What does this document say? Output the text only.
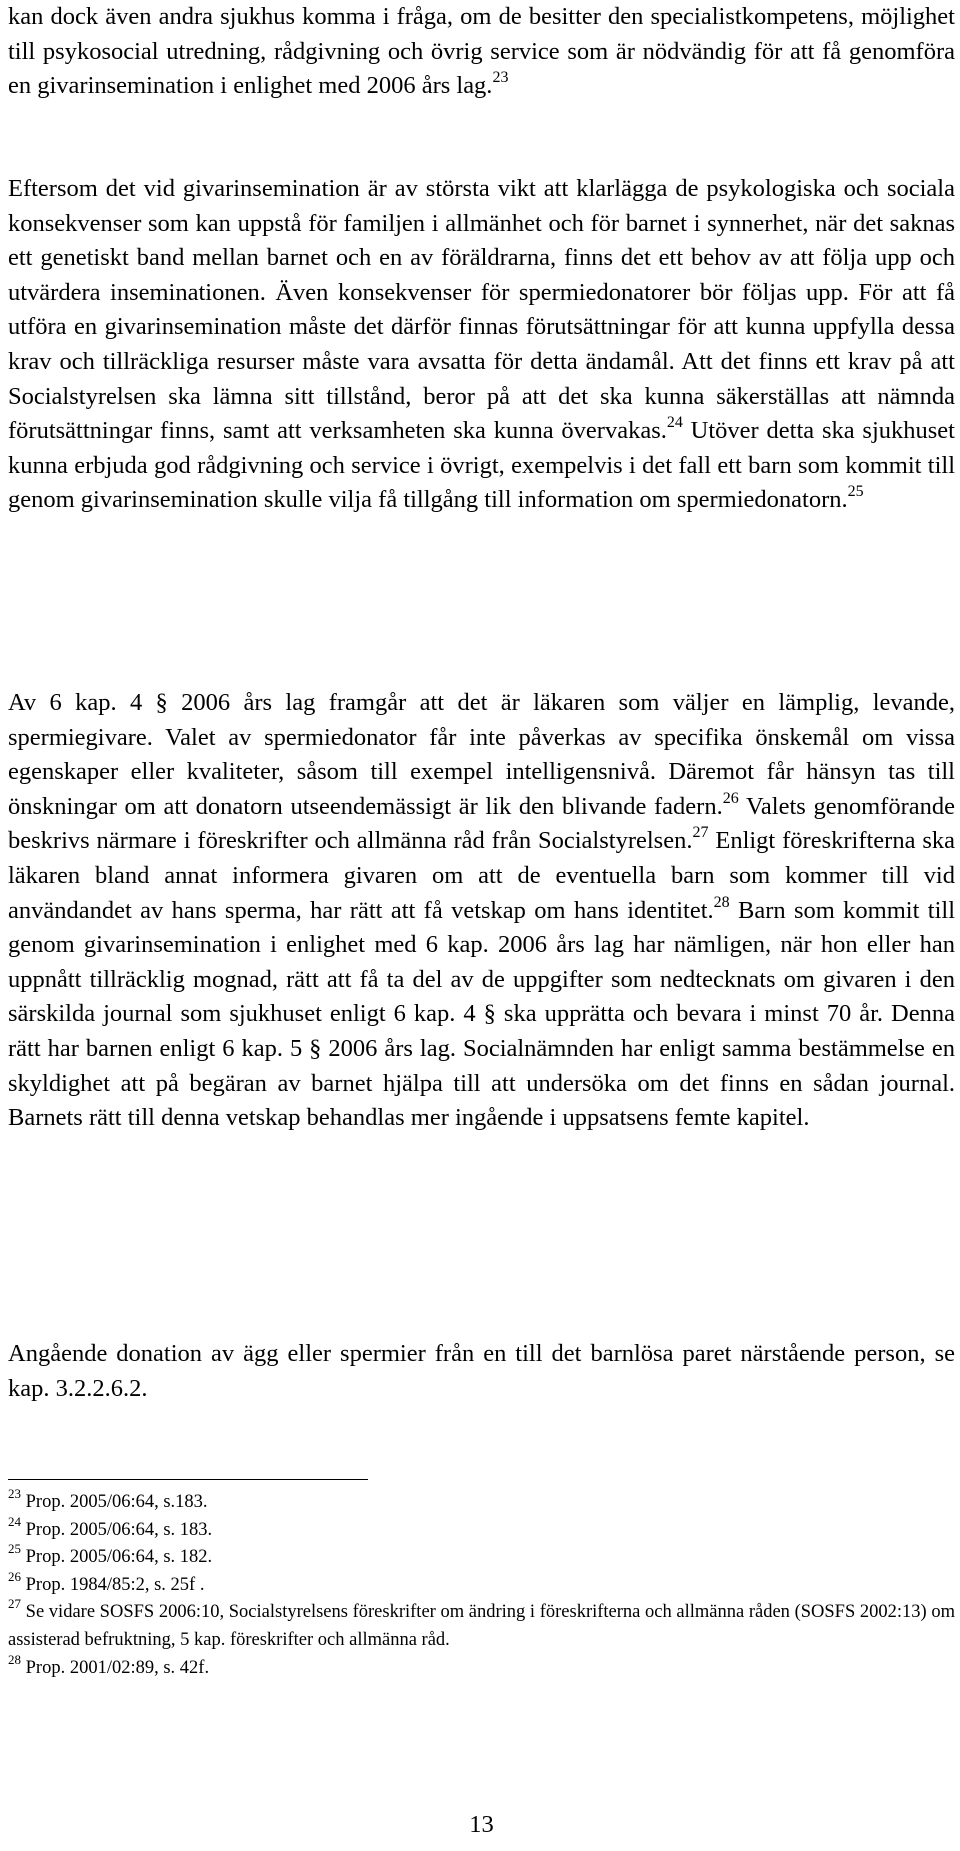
kan dock även andra sjukhus komma i fråga, om de besitter den specialistkompetens, möjlighet till psykosocial utredning, rådgivning och övrig service som är nödvändig för att få genomföra en givarinsemination i enlighet med 2006 års lag.$^{23}$

Eftersom det vid givarinsemination är av största vikt att klarlägga de psykologiska och sociala konsekvenser som kan uppstå för familjen i allmänhet och för barnet i synnerhet, när det saknas ett genetiskt band mellan barnet och en av föräldrarna, finns det ett behov av att följa upp och utvärdera inseminationen. Även konsekvenser för spermiedonatorer bör följas upp. För att få utföra en givarinsemination måste det därför finnas förutsättningar för att kunna uppfylla dessa krav och tillräckliga resurser måste vara avsatta för detta ändamål. Att det finns ett krav på att Socialstyrelsen ska lämna sitt tillstånd, beror på att det ska kunna säkerställas att nämnda förutsättningar finns, samt att verksamheten ska kunna övervakas.$^{24}$ Utöver detta ska sjukhuset kunna erbjuda god rådgivning och service i övrigt, exempelvis i det fall ett barn som kommit till genom givarinsemination skulle vilja få tillgång till information om spermiedonatorn.$^{25}$

Av 6 kap. 4 § 2006 års lag framgår att det är läkaren som väljer en lämplig, levande, spermiegivare. Valet av spermiedonator får inte påverkas av specifika önskemål om vissa egenskaper eller kvaliteter, såsom till exempel intelligensnivå. Däremot får hänsyn tas till önskningar om att donatorn utseendemässigt är lik den blivande fadern.$^{26}$ Valets genomförande beskrivs närmare i föreskrifter och allmänna råd från Socialstyrelsen.$^{27}$ Enligt föreskrifterna ska läkaren bland annat informera givaren om att de eventuella barn som kommer till vid användandet av hans sperma, har rätt att få vetskap om hans identitet.$^{28}$ Barn som kommit till genom givarinsemination i enlighet med 6 kap. 2006 års lag har nämligen, när hon eller han uppnått tillräcklig mognad, rätt att få ta del av de uppgifter som nedtecknats om givaren i den särskilda journal som sjukhuset enligt 6 kap. 4 § ska upprätta och bevara i minst 70 år. Denna rätt har barnen enligt 6 kap. 5 § 2006 års lag. Socialnämnden har enligt samma bestämmelse en skyldighet att på begäran av barnet hjälpa till att undersöka om det finns en sådan journal. Barnets rätt till denna vetskap behandlas mer ingående i uppsatsens femte kapitel.

Angående donation av ägg eller spermier från en till det barnlösa paret närstående person, se kap. 3.2.2.6.2.

$^{23}$ Prop. 2005/06:64, s.183.

$^{24}$ Prop. 2005/06:64, s. 183.

$^{25}$ Prop. 2005/06:64, s. 182.

$^{26}$ Prop. 1984/85:2, s. 25f .

$^{27}$ Se vidare SOSFS 2006:10, Socialstyrelsens föreskrifter om ändring i föreskrifterna och allmänna råden (SOSFS 2002:13) om assisterad befruktning, 5 kap. föreskrifter och allmänna råd.

$^{28}$ Prop. 2001/02:89, s. 42f.

13
